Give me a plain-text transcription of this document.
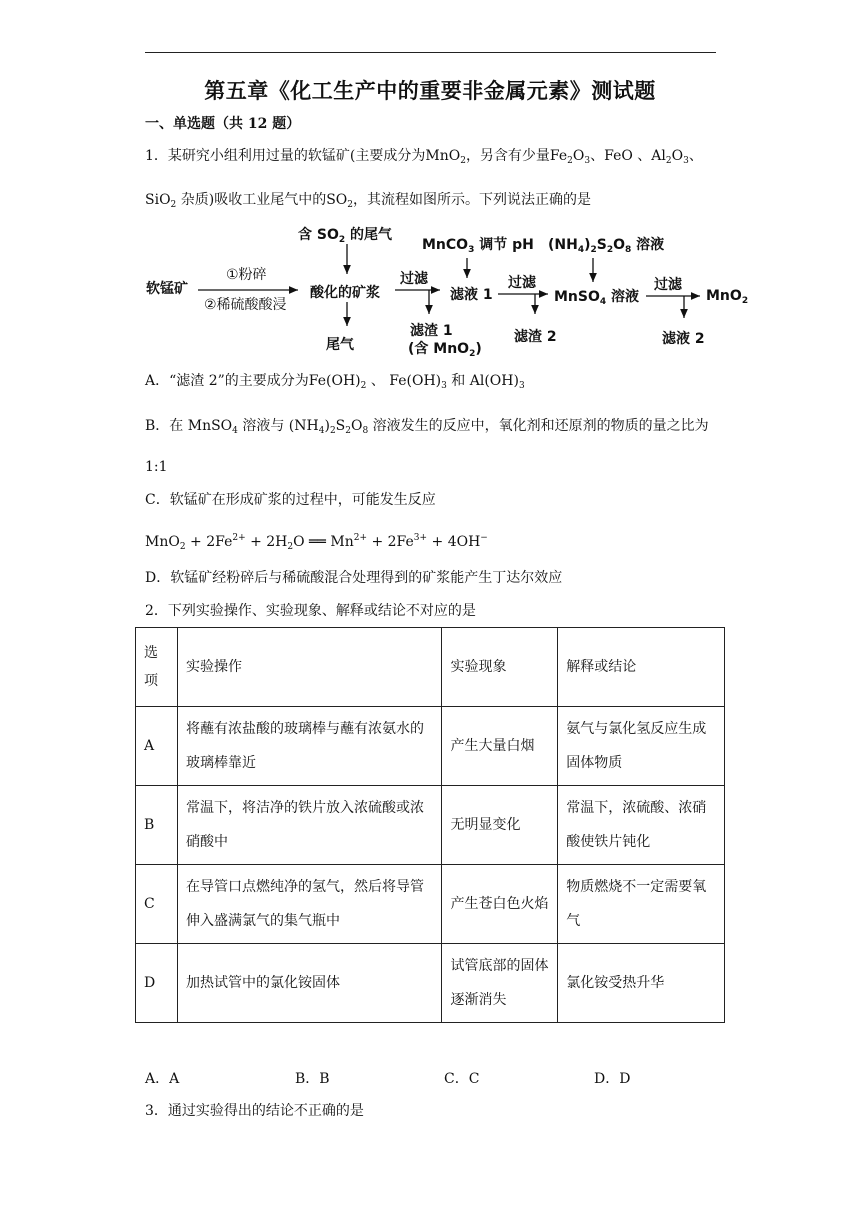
第五章《化工生产中的重要非金属元素》测试题
一、单选题（共 12 题）
1．某研究小组利用过量的软锰矿(主要成分为MnO$_2$，另含有少量$Fe_2O_3$、FeO 、$Al_2O_3$、
SiO$_2$ 杂质)吸收工业尾气中的$SO_2$，其流程如图所示。下列说法正确的是
软锰矿
①粉碎
②稀硫酸酸浸
含 $SO_2$ 的尾气
酸化的矿浆
尾气
过滤
滤渣 1
(含 MnO$_2$)
MnCO$_3$ 调节 pH
滤液 1
过滤
滤渣 2
$(NH_4)_2S_2O_8$ 溶液
MnSO$_4$ 溶液
过滤
MnO$_2$
滤液 2
A．“滤渣 2”的主要成分为$Fe(OH)_2$ 、 $Fe(OH)_3$ 和 $Al(OH)_3$
B．在 MnSO$_4$ 溶液与 $(NH_4)_2S_2O_8$ 溶液发生的反应中，氧化剂和还原剂的物质的量之比为
1:1
C．软锰矿在形成矿浆的过程中，可能发生反应
$MnO_2 + 2Fe^{2+} + 2H_2O$ ══ $Mn^{2+} + 2Fe^{3+} + 4OH^-$
D．软锰矿经粉碎后与稀硫酸混合处理得到的矿浆能产生丁达尔效应
2．下列实验操作、实验现象、解释或结论不对应的是
选项	实验操作	实验现象	解释或结论
A	将蘸有浓盐酸的玻璃棒与蘸有浓氨水的玻璃棒靠近	产生大量白烟	氨气与氯化氢反应生成固体物质
B	常温下，将洁净的铁片放入浓硫酸或浓硝酸中	无明显变化	常温下，浓硫酸、浓硝酸使铁片钝化
C	在导管口点燃纯净的氢气，然后将导管伸入盛满氯气的集气瓶中	产生苍白色火焰	物质燃烧不一定需要氧气
D	加热试管中的氯化铵固体	试管底部的固体逐渐消失	氯化铵受热升华
A．A	B．B	C．C	D．D
3．通过实验得出的结论不正确的是
